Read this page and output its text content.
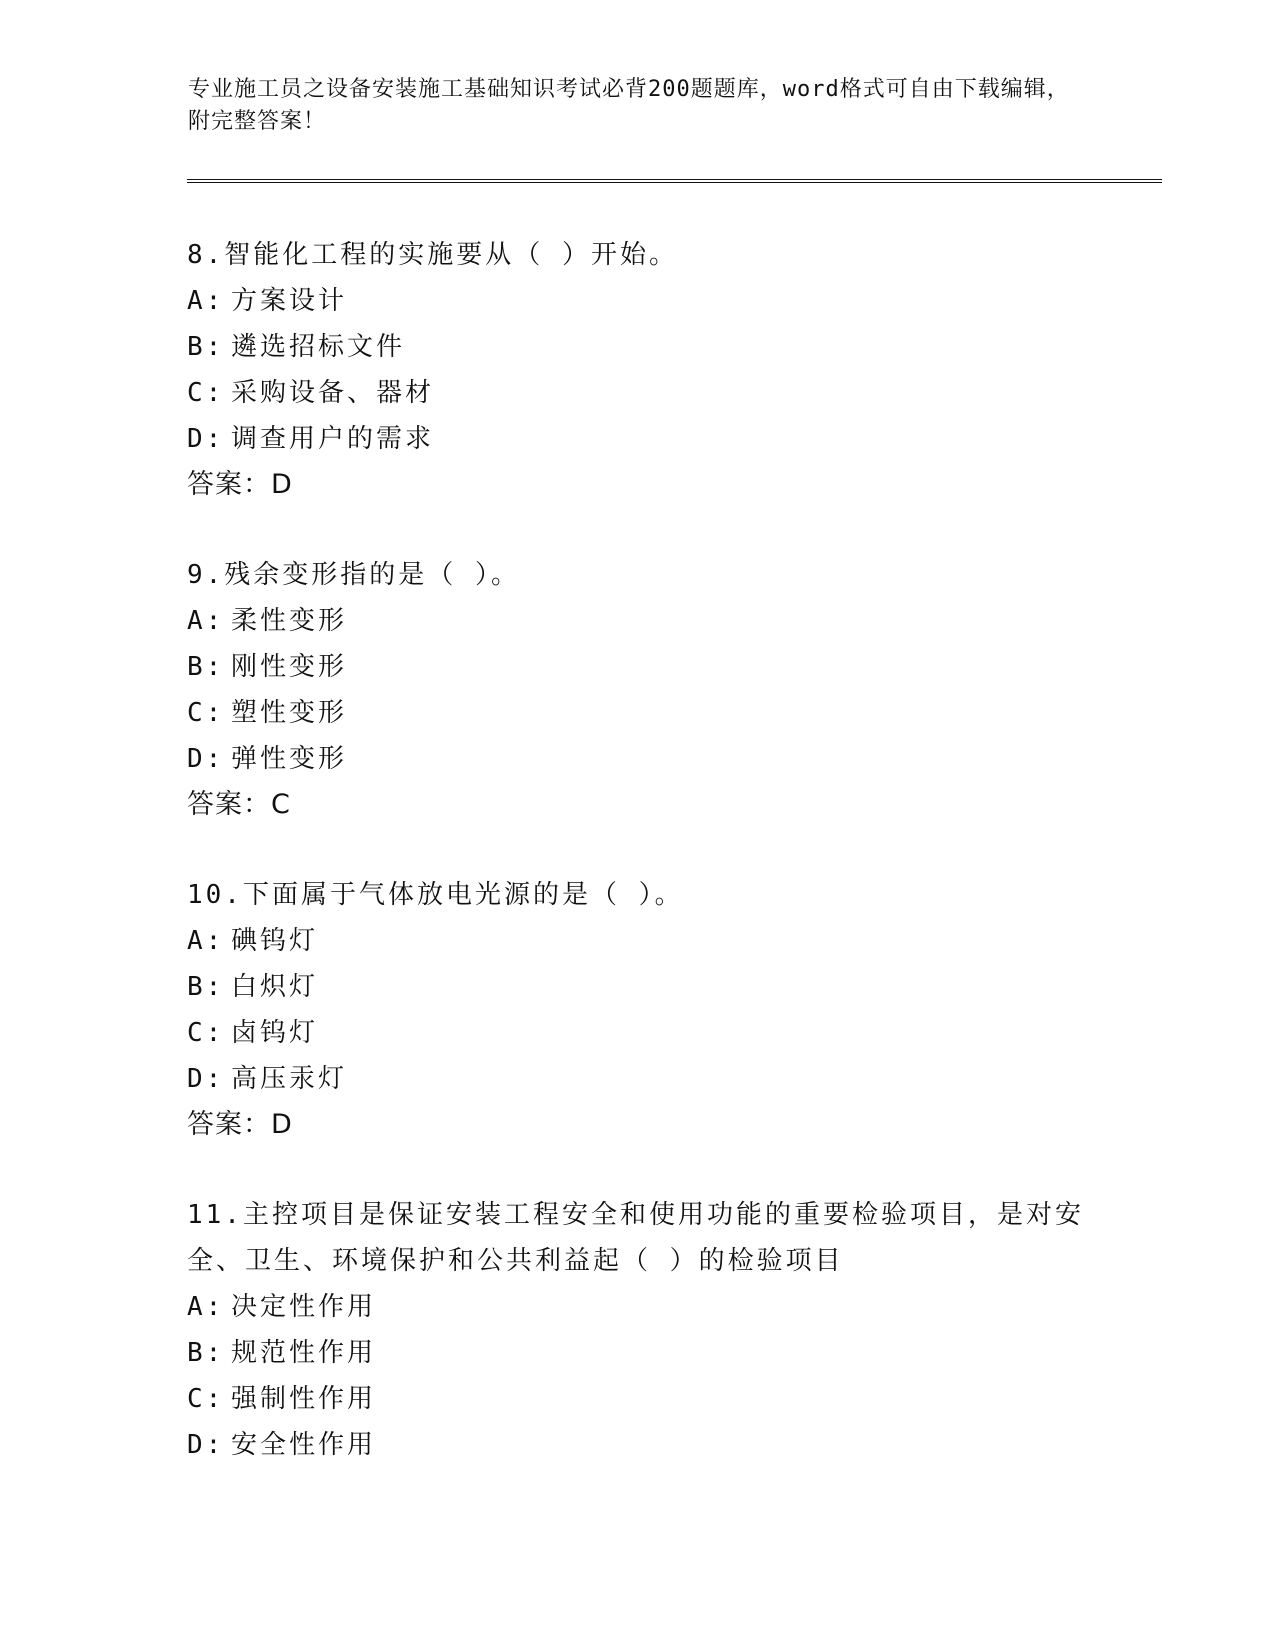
专业施工员之设备安装施工基础知识考试必背200题题库，word格式可自由下载编辑，附完整答案！
8.智能化工程的实施要从（ ）开始。
A: 方案设计
B: 遴选招标文件
C: 采购设备、器材
D: 调查用户的需求
答案：D
9.残余变形指的是（ ）。
A: 柔性变形
B: 刚性变形
C: 塑性变形
D: 弹性变形
答案：C
10.下面属于气体放电光源的是（ ）。
A: 碘钨灯
B: 白炽灯
C: 卤钨灯
D: 高压汞灯
答案：D
11.主控项目是保证安装工程安全和使用功能的重要检验项目，是对安全、卫生、环境保护和公共利益起（ ）的检验项目
A: 决定性作用
B: 规范性作用
C: 强制性作用
D: 安全性作用
